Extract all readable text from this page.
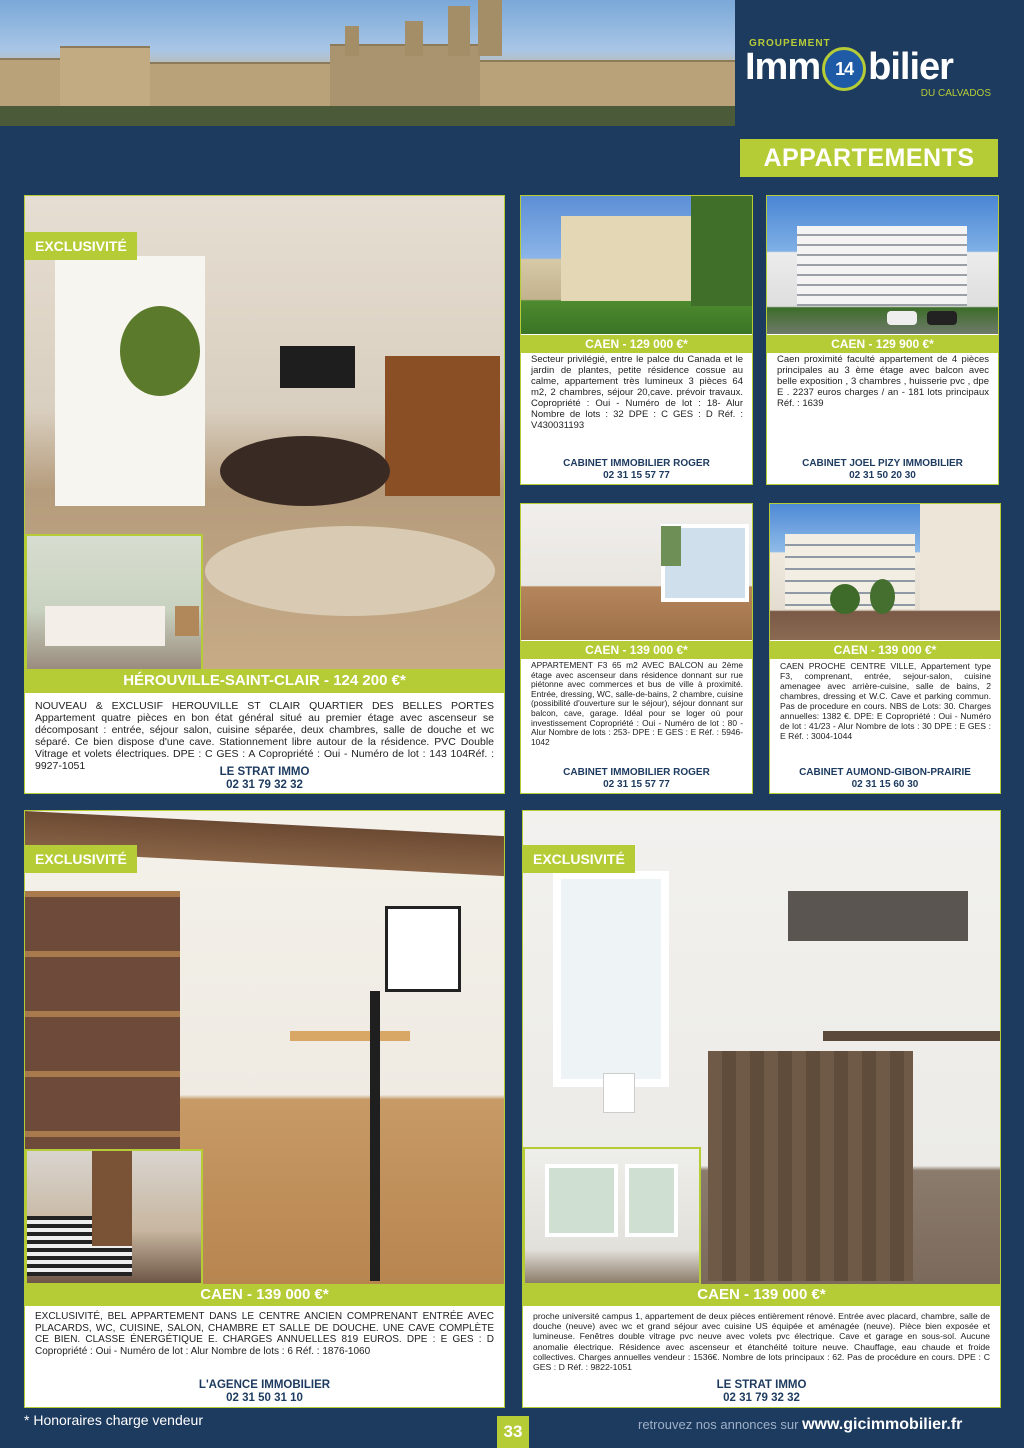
GROUPEMENT
Imm 14 bilier
DU CALVADOS
APPARTEMENTS
EXCLUSIVITÉ
HÉROUVILLE-SAINT-CLAIR - 124 200 €*
NOUVEAU & EXCLUSIF HEROUVILLE ST CLAIR QUARTIER DES BELLES PORTES Appartement quatre pièces en bon état général situé au premier étage avec ascenseur se décomposant : entrée, séjour salon, cuisine séparée, deux chambres, salle de douche et wc séparé. Ce bien dispose d'une cave. Stationnement libre autour de la résidence. PVC Double Vitrage et volets électriques. DPE : C GES : A Copropriété : Oui - Numéro de lot : 143 104Réf. : 9927-1051	LE STRAT IMMO
02 31 79 32 32
CAEN - 129 000 €*
Secteur privilégié, entre le palce du Canada et le jardin de plantes, petite résidence cossue au calme, appartement très lumineux 3 pièces 64 m2, 2 chambres, séjour 20,cave. prévoir travaux. Copropriété : Oui - Numéro de lot : 18- Alur Nombre de lots : 32 DPE : C GES : D Réf. : V430031193
CABINET IMMOBILIER ROGER
02 31 15 57 77
CAEN - 129 900 €*
Caen proximité faculté appartement de 4 pièces principales au 3 ème étage avec balcon avec belle exposition , 3 chambres , huisserie pvc , dpe E . 2237 euros charges / an - 181 lots principaux Réf. : 1639
CABINET JOEL PIZY IMMOBILIER
02 31 50 20 30
CAEN - 139 000 €*
APPARTEMENT F3 65 m2 AVEC BALCON au 2ème étage avec ascenseur dans résidence donnant sur rue piétonne avec commerces et bus de ville à proximité. Entrée, dressing, WC, salle-de-bains, 2 chambre, cuisine (possibilité d'ouverture sur le séjour), séjour donnant sur balcon, cave, garage. Idéal pour se loger où pour investissement Copropriété : Oui - Numéro de lot : 80 - Alur Nombre de lots : 253- DPE : E GES : E Réf. : 5946-1042
CABINET IMMOBILIER ROGER
02 31 15 57 77
CAEN - 139 000 €*
CAEN PROCHE CENTRE VILLE, Appartement type F3, comprenant, entrée, sejour-salon, cuisine amenagee avec arrière-cuisine, salle de bains, 2 chambres, dressing et W.C. Cave et parking commun. Pas de procedure en cours. NBS de Lots: 30. Charges annuelles: 1382 €. DPE: E Copropriété : Oui - Numéro de lot : 41/23 - Alur Nombre de lots : 30 DPE : E GES : E Réf. : 3004-1044
CABINET AUMOND-GIBON-PRAIRIE
02 31 15 60 30
EXCLUSIVITÉ
CAEN - 139 000 €*
EXCLUSIVITÉ, BEL APPARTEMENT DANS LE CENTRE ANCIEN COMPRENANT ENTRÉE AVEC PLACARDS, WC, CUISINE, SALON, CHAMBRE ET SALLE DE DOUCHE. UNE CAVE COMPLÈTE CE BIEN. CLASSE ÉNERGÉTIQUE E. CHARGES ANNUELLES 819 EUROS. DPE : E GES : D Copropriété : Oui - Numéro de lot : Alur Nombre de lots : 6 Réf. : 1876-1060
L'AGENCE IMMOBILIER
02 31 50 31 10
EXCLUSIVITÉ
CAEN - 139 000 €*
proche université campus 1, appartement de deux pièces entièrement rénové. Entrée avec placard, chambre, salle de douche (neuve) avec wc et grand séjour avec cuisine US équipée et aménagée (neuve). Pièce bien exposée et lumineuse. Fenêtres double vitrage pvc neuve avec volets pvc électrique. Cave et garage en sous-sol. Aucune anomalie électrique. Résidence avec ascenseur et étanchéité toiture neuve. Chauffage, eau chaude et froide collectives. Charges annuelles vendeur : 1536€. Nombre de lots principaux : 62. Pas de procédure en cours. DPE : C GES : D Réf. : 9822-1051
LE STRAT IMMO
02 31 79 32 32
* Honoraires charge vendeur
33	retrouvez nos annonces sur www.gicimmobilier.fr
